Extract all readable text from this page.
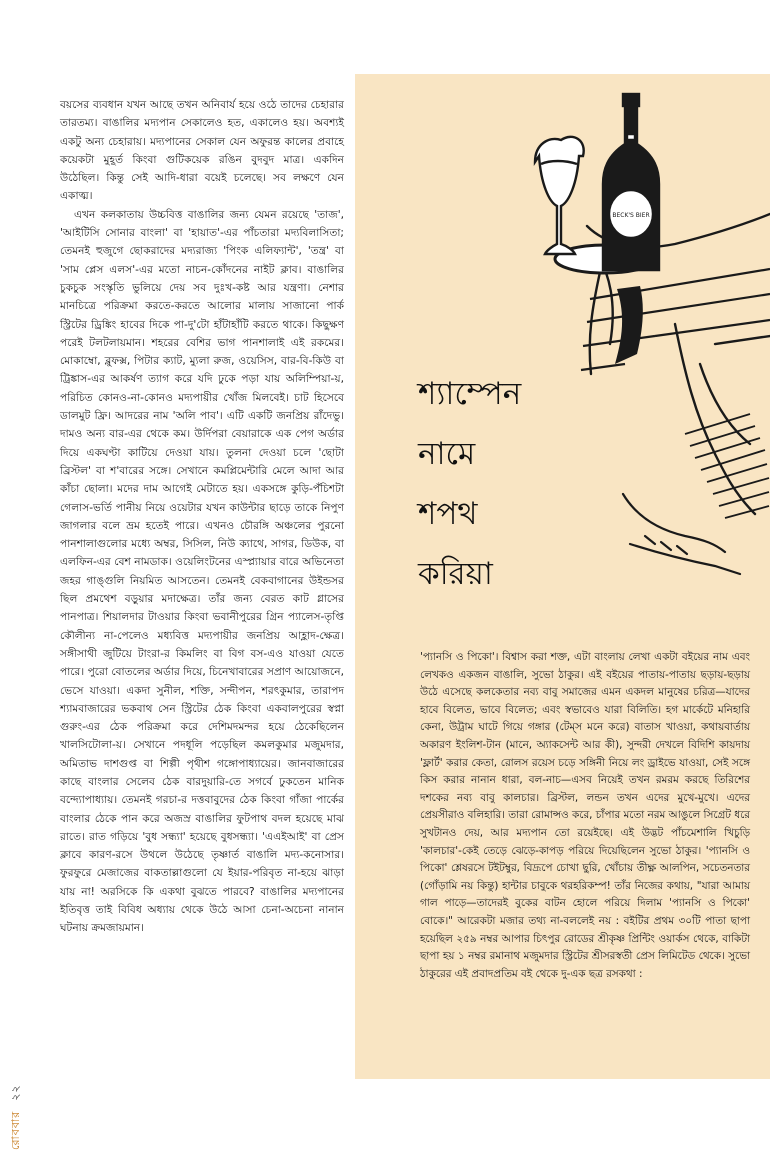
বয়সের ব্যবধান যখন আছে তখন অনিবার্য হয়ে ওঠে তাদের চেহারার তারতম্য। বাঙালির মদ্যপান সেকালেও হত, একালেও হয়। অবশ্যই একটু অন্য চেহারায়। মদ্যপানের সেকাল যেন অফুরন্ত কালের প্রবাহে কয়েকটা মুহূর্ত কিংবা গুটিকয়েক রঙিন বুদবুদ মাত্র। একদিন উঠেছিল। কিন্তু সেই আদি-ধারা বয়েই চলেছে। সব লক্ষণে যেন একাত্ম।

এখন কলকাতায় উচ্চবিত্ত বাঙালির জন্য যেমন রয়েছে 'তাজ', 'আইটিসি সোনার বাংলা' বা 'হায়াত'-এর পাঁচতারা মদ্যবিলাসিতা; তেমনই হুজুগে ছোকরাদের মদ্যরাজ্য 'পিংক এলিফ্যান্ট', 'তন্ত্র' বা 'সাম প্লেস এলস'-এর মতো নাচন-কোঁদনের নাইট ক্লাব। বাঙালির চুকচুক সংস্কৃতি ভুলিয়ে দেয় সব দুঃখ-কষ্ট আর যন্ত্রণা। নেশার মানচিত্রে পরিক্রমা করতে-করতে আলোর মালায় সাজানো পার্ক স্ট্রিটের ড্রিঙ্কিং হাবের দিকে পা-দু'টো হাঁটাহাঁটি করতে থাকে। কিছুক্ষণ পরেই টলটলায়মান। শহরের বেশির ভাগ পানশালাই এই রকমের। মোকাম্বো, ব্লুফক্স, পিটার ক্যাট, ম্যুলা রুজ, ওয়েসিস, বার-বি-কিউ বা ট্রিঙ্কাস-এর আকর্ষণ ত্যাগ করে যদি ঢুকে পড়া যায় অলিম্পিয়া-য়, পরিচিত কোনও-না-কোনও মদ্যপায়ীর খোঁজ মিলবেই। চাট হিসেবে ডালমুট ফ্রি। আদরের নাম 'অলি পাব'। এটি একটি জনপ্রিয় রাঁদেভু। দামও অন্য বার-এর থেকে কম। উর্দিপরা বেয়ারাকে এক পেগ অর্ডার দিয়ে একঘণ্টা কাটিয়ে দেওয়া যায়। তুলনা দেওয়া চলে 'ছোটা ব্রিস্টল' বা শ'বারের সঙ্গে। সেখানে কমপ্লিমেন্টারি মেলে আদা আর কাঁচা ছোলা। মদের দাম আগেই মেটাতে হয়। একসঙ্গে কুড়ি-পঁচিশটা গেলাস-ভর্তি পানীয় নিয়ে ওয়েটার যখন কাউন্টার ছাড়ে তাকে নিপুণ জাগলার বলে ভ্রম হতেই পারে। এখনও চৌরঙ্গি অঞ্চলের পুরনো পানশালাগুলোর মধ্যে অম্বর, সিসিল, নিউ ক্যাথে, সাগর, ডিউক, বা এলফিন-এর বেশ নামডাক। ওয়েলিংটনের এস্প্ল্যায়ার বারে অভিনেতা জহর গাঙ্গুলি নিয়মিত আসতেন। তেমনই বেকবাগানের উইন্ডসর ছিল প্রমথেশ বড়ুয়ার মদাক্ষেত্র। তাঁর জন্য বেরত কাট গ্লাসের পানপাত্র। শিয়ালদার টাওয়ার কিংবা ভবানীপুরের গ্রিন প্যালেস-তৃপ্তি কৌলীন্য না-পেলেও মধ্যবিত্ত মদ্যপায়ীর জনপ্রিয় আহ্লাদ-ক্ষেত্র। সঙ্গীসাথী জুটিয়ে টাংরা-র কিমলিং বা বিগ বস-এও যাওয়া যেতে পারে। পুরো বোতলের অর্ডার দিয়ে, চিনেখাবারের সপ্রাণ আয়োজনে, ভেসে যাওয়া। একদা সুনীল, শক্তি, সন্দীপন, শরৎকুমার, তারাপদ শ্যামবাজারের ভকবাথ সেন স্ট্রিটের ঠেক কিংবা একবালপুরের স্বপ্না গুরুং-এর ঠেক পরিক্রমা করে দেশিমদমন্দর হয়ে ঠেকেছিলেন খালসিটোলা-য়। সেখানে পদধূলি পড়েছিল কমলকুমার মজুমদার, অমিতাভ দাশগুপ্ত বা শিল্পী পৃথীশ গঙ্গোপাধ্যায়ের। জানবাজারের কাছে বাংলার সেলেব ঠেক বারদুয়ারি-তে সগর্বে ঢুকতেন মানিক বন্দ্যোপাধ্যায়। তেমনই গরচা-র দত্তবাবুদের ঠেক কিংবা গাঁজা পার্কের বাংলার ঠেকে পান করে অজস্র বাঙালির ফুটপাথ বদল হয়েছে মাঝ রাতে। রাত গড়িয়ে 'বুধ সন্ধ্যা' হয়েছে বুধসন্ধ্যা। 'এএইআই' বা প্রেস ক্লাবে কারণ-রসে উথলে উঠেছে তৃষ্ণার্ত বাঙালি মদ্য-কনোসার। ফুরফুরে মেজাজের বাকতাল্লাগুলো যে ইয়ার-পরিবৃত না-হয়ে ঝাড়া যায় না! অরসিকে কি একথা বুঝতে পারবে? বাঙালির মদ্যপানের ইতিবৃত্ত তাই বিবিধ অধ্যায় থেকে উঠে আসা চেনা-অচেনা নানান ঘটনায় ক্রমজায়মান।

BECK'S BIER
শ্যাম্পেন
নামে
শপথ
করিয়া

'প্যানসি ও পিকো'। বিশ্বাস করা শক্ত, এটা বাংলায় লেখা একটা বইয়ের নাম এবং লেখকও একজন বাঙালি, সুভো ঠাকুর। এই বইয়ের পাতায়-পাতায় ছড়ায়-ছড়ায় উঠে এসেছে কলকেতার নব্য বাবু সমাজের এমন একদল মানুষের চরিত্র—যাদের হাবে বিলেত, ভাবে বিলেত; এবং স্বভাবেও যারা বিলিতি। হগ মার্কেটে মনিহারি কেনা, উট্রাম ঘাটে গিয়ে গঙ্গার (টেম্‌স মনে করে) বাতাস খাওয়া, কথায়বার্তায় অকারণ ইংলিশ-টান (মানে, অ্যাকসেন্ট আর কী), সুন্দরী দেখলে বিদিশি কায়দায় 'ফ্লার্ট' করার কেতা, রোলস রয়েস চড়ে সঙ্গিনী নিয়ে লং ড্রাইভে যাওয়া, সেই সঙ্গে কিস করার নানান ধারা, বল-নাচ—এসব নিয়েই তখন রমরম করছে তিরিশের দশকের নব্য বাবু কালচার। ব্রিস্টল, লন্ডন তখন এদের মুখে-মুখে। এদের প্রেয়সীরাও বলিহারি। তারা রোমান্সও করে, চাঁপার মতো নরম আঙুলে সিগ্রেট ধরে সুখটানও দেয়, আর মদ্যপান তো রয়েইছে। এই উদ্ভট পাঁচমেশালি খিচুড়ি 'কালচার'-কেই তেড়ে ঝেড়ে-কাপড় পরিয়ে দিয়েছিলেন সুভো ঠাকুর। 'প্যানসি ও পিকো' শ্লেষরসে টইটম্বুর, বিদ্রূপে চোখা ছুরি, খোঁচায় তীক্ষ্ণ আলপিন, সচেতনতার (গোঁড়ামি নয় কিন্তু) হান্টার চাবুকে থরহরিকম্প! তাঁর নিজের কথায়, "যারা আমায় গাল পাড়ে—তাদেরই বুকের বাটন হোলে পরিয়ে দিলাম 'প্যানসি ও পিকো' বোকে।" আরেকটা মজার তথ্য না-বললেই নয় : বইটির প্রথম ৩০টি পাতা ছাপা হয়েছিল ২৫৯ নম্বর আপার চিৎপুর রোডের শ্রীকৃষ্ণ প্রিন্টিং ওয়ার্কস থেকে, বাকিটা ছাপা হয় ১ নম্বর রমানাথ মজুমদার স্ট্রিটের শ্রীসরস্বতী প্রেস লিমিটেড থেকে। সুভো ঠাকুরের এই প্রবাদপ্রতিম বই থেকে দু-এক ছত্র রসকথা :

রোববার
২২
